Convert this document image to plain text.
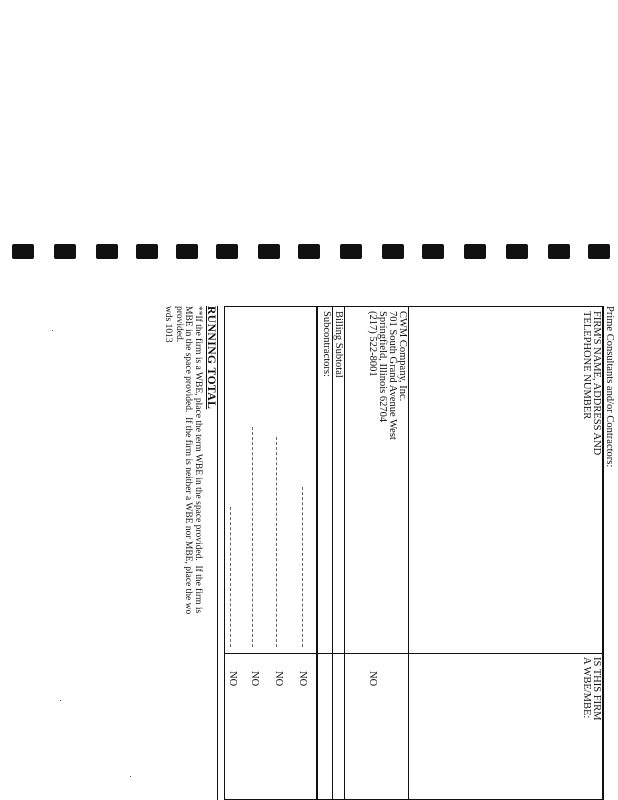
Prime Consultants and/or Contractors:
FIRM'S NAME, ADDRESS AND
TELEPHONE NUMBER
IS THIS FIRM
A WBE/MBE:
CWM Company, Inc.
701 South Grand Avenue West
Springfield, Illinois 62704
(217) 522-8001
NO
Billing Subtotal
Subcontractors:
NO
NO
NO
NO
RUNNING TOTAL
**If the firm is a WBE, place the term WBE in the space provided.  If the firm is
MBE in the space provided.  If the firm is neither a WBE nor MBE, place the wo
provided.
wds 1013
